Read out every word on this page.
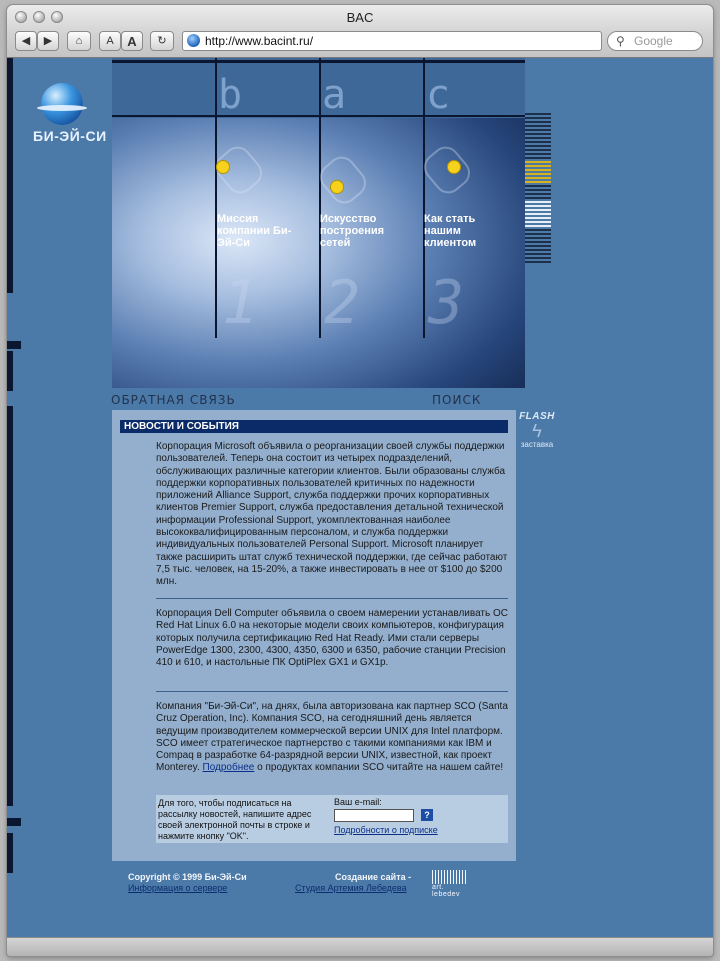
BAC
◀	▶	⌂	A	A	↻	http://www.bacint.ru/	⚲ Google
БИ-ЭЙ-СИ
b a c
Миссия компании Би-Эй-Си
Искусство построения сетей
Как стать нашим клиентом
1 2 3
ОБРАТНАЯ СВЯЗЬ	ПОИСК
FLASH
ϟ
заставка
НОВОСТИ И СОБЫТИЯ
Корпорация Microsoft объявила о реорганизации своей службы поддержки пользователей. Теперь она состоит из четырех подразделений, обслуживающих различные категории клиентов. Были образованы служба поддержки корпоративных пользователей критичных по надежности приложений Alliance Support, служба поддержки прочих корпоративных клиентов Premier Support, служба предоставления детальной технической информации Professional Support, укомплектованная наиболее высококвалифицированным персоналом, и служба поддержки индивидуальных пользователей Personal Support. Microsoft планирует также расширить штат служб технической поддержки, где сейчас работают 7,5 тыс. человек, на 15-20%, а также инвестировать в нее от $100 до $200 млн.
Корпорация Dell Computer объявила о своем намерении устанавливать OC Red Hat Linux 6.0 на некоторые модели своих компьютеров, конфигурация которых получила сертификацию Red Hat Ready. Ими стали серверы PowerEdge 1300, 2300, 4300, 4350, 6300 и 6350, рабочие станции Precision 410 и 610, и настольные ПК OptiPlex GX1 и GX1p.
Компания "Би-Эй-Си", на днях, была авторизована как партнер SCO (Santa Cruz Operation, Inc). Компания SCO, на сегодняшний день является ведущим производителем коммерческой версии UNIX для Intel платформ. SCO имеет стратегическое партнерство с такими компаниями как IBM и Compaq в разработке 64-разрядной версии UNIX, известной, как проект Monterey. Подробнее о продуктах компании SCO читайте на нашем сайте!
Для того, чтобы подписаться на рассылку новостей, напишите адрес своей электронной почты в строке и нажмите кнопку "OK".
Ваш e-mail:
?
Подробности о подписке
Copyright © 1999 Би-Эй-Си
Информация о сервере
Создание сайта -
Студия Артемия Лебедева	art. lebedev
